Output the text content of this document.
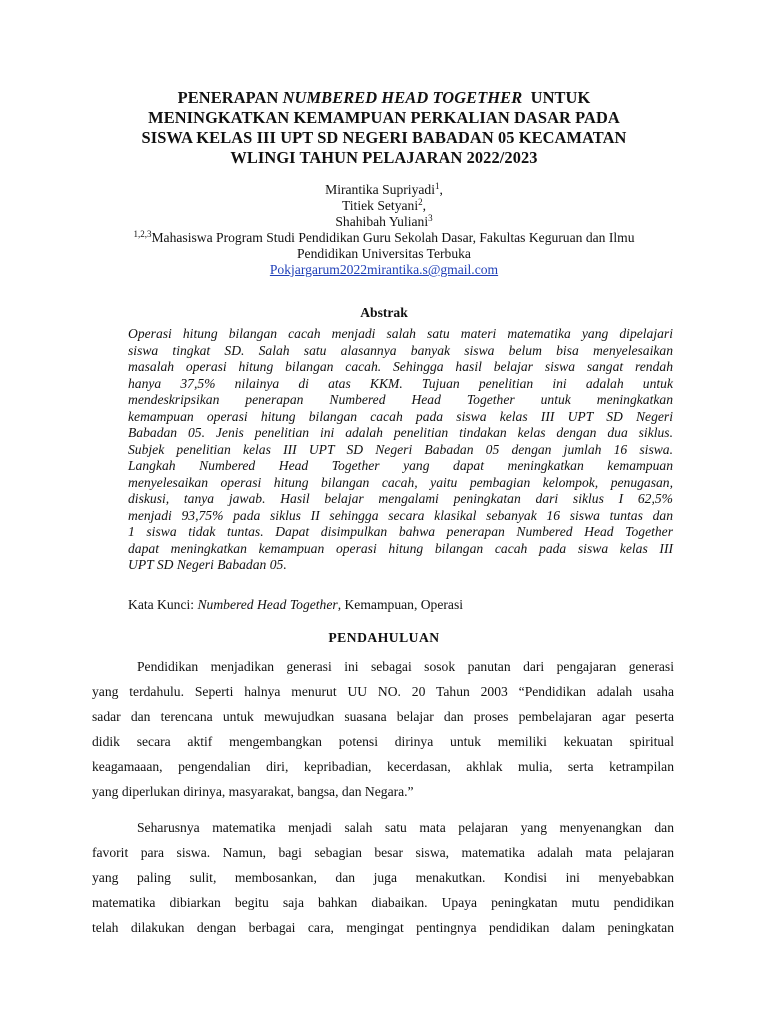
PENERAPAN NUMBERED HEAD TOGETHER  UNTUK
MENINGKATKAN KEMAMPUAN PERKALIAN DASAR PADA
SISWA KELAS III UPT SD NEGERI BABADAN 05 KECAMATAN
WLINGI TAHUN PELAJARAN 2022/2023
Mirantika Supriyadi$^1$,
Titiek Setyani$^2$,
Shahibah Yuliani$^3$
$^{1,2,3}$Mahasiswa Program Studi Pendidikan Guru Sekolah Dasar, Fakultas Keguruan dan Ilmu
Pendidikan Universitas Terbuka
Pokjargarum2022mirantika.s@gmail.com
Abstrak
Operasi hitung bilangan cacah menjadi salah satu materi matematika yang dipelajari
siswa tingkat SD. Salah satu alasannya banyak siswa belum bisa menyelesaikan
masalah operasi hitung bilangan cacah. Sehingga hasil belajar siswa sangat rendah
hanya 37,5% nilainya di atas KKM. Tujuan penelitian ini adalah untuk
mendeskripsikan penerapan Numbered Head Together untuk meningkatkan
kemampuan operasi hitung bilangan cacah pada siswa kelas III UPT SD Negeri
Babadan 05. Jenis penelitian ini adalah penelitian tindakan kelas dengan dua siklus.
Subjek penelitian kelas III UPT SD Negeri Babadan 05 dengan jumlah 16 siswa.
Langkah Numbered Head Together yang dapat meningkatkan kemampuan
menyelesaikan operasi hitung bilangan cacah, yaitu pembagian kelompok, penugasan,
diskusi, tanya jawab. Hasil belajar mengalami peningkatan dari siklus I 62,5%
menjadi 93,75% pada siklus II sehingga secara klasikal sebanyak 16 siswa tuntas dan
1 siswa tidak tuntas. Dapat disimpulkan bahwa penerapan Numbered Head Together
dapat meningkatkan kemampuan operasi hitung bilangan cacah pada siswa kelas III
UPT SD Negeri Babadan 05.
Kata Kunci: Numbered Head Together, Kemampuan, Operasi
PENDAHULUAN
Pendidikan menjadikan generasi ini sebagai sosok panutan dari pengajaran generasi
yang terdahulu. Seperti halnya menurut UU NO. 20 Tahun 2003 “Pendidikan adalah usaha
sadar dan terencana untuk mewujudkan suasana belajar dan proses pembelajaran agar peserta
didik secara aktif mengembangkan potensi dirinya untuk memiliki kekuatan spiritual
keagamaaan, pengendalian diri, kepribadian, kecerdasan, akhlak mulia, serta ketrampilan
yang diperlukan dirinya, masyarakat, bangsa, dan Negara.”
Seharusnya matematika menjadi salah satu mata pelajaran yang menyenangkan dan
favorit para siswa. Namun, bagi sebagian besar siswa, matematika adalah mata pelajaran
yang paling sulit, membosankan, dan juga menakutkan. Kondisi ini menyebabkan
matematika dibiarkan begitu saja bahkan diabaikan. Upaya peningkatan mutu pendidikan
telah dilakukan dengan berbagai cara, mengingat pentingnya pendidikan dalam peningkatan
